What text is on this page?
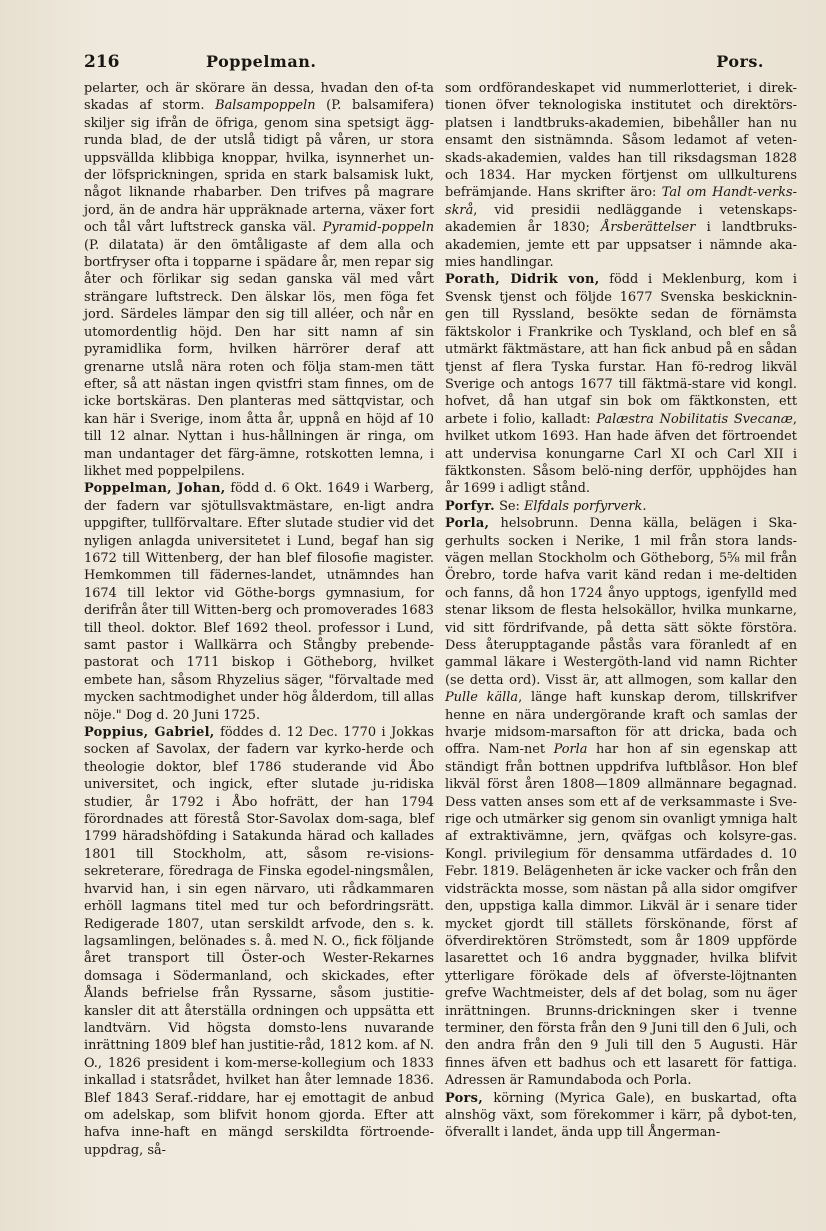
216	Poppelman.	Pors.

pelarter, och är skörare än dessa, hvadan den of-ta skadas af storm. Balsampoppeln (P. balsamifera) skiljer sig ifrån de öfriga, genom sina spetsigt ägg-runda blad, de der utslå tidigt på våren, ur stora uppsvällda klibbiga knoppar, hvilka, isynnerhet un-der löfsprickningen, sprida en stark balsamisk lukt, något liknande rhabarber. Den trifves på magrare jord, än de andra här uppräknade arterna, växer fort och tål vårt luftstreck ganska väl. Pyramid-poppeln (P. dilatata) är den ömtåligaste af dem alla och bortfryser ofta i topparne i spädare år, men repar sig åter och förlikar sig sedan ganska väl med vårt strängare luftstreck. Den älskar lös, men föga fet jord. Särdeles lämpar den sig till alléer, och når en utomordentlig höjd. Den har sitt namn af sin pyramidlika form, hvilken härrörer deraf att grenarne utslå nära roten och följa stam-men tätt efter, så att nästan ingen qvistfri stam finnes, om de icke bortskäras. Den planteras med sättqvistar, och kan här i Sverige, inom åtta år, uppnå en höjd af 10 till 12 alnar. Nyttan i hus-hållningen är ringa, om man undantager det färg-ämne, rotskotten lemna, i likhet med poppelpilens.

Poppelman, Johan, född d. 6 Okt. 1649 i Warberg, der fadern var sjötullsvaktmästare, en-ligt andra uppgifter, tullförvaltare. Efter slutade studier vid det nyligen anlagda universitetet i Lund, begaf han sig 1672 till Wittenberg, der han blef filosofie magister. Hemkommen till fädernes-landet, utnämndes han 1674 till lektor vid Göthe-borgs gymnasium, for derifrån åter till Witten-berg och promoverades 1683 till theol. doktor. Blef 1692 theol. professor i Lund, samt pastor i Wallkärra och Stångby prebende-pastorat och 1711 biskop i Götheborg, hvilket embete han, såsom Rhyzelius säger, "förvaltade med mycken sachtmodighet under hög ålderdom, till allas nöje." Dog d. 20 Juni 1725.

Poppius, Gabriel, föddes d. 12 Dec. 1770 i Jokkas socken af Savolax, der fadern var kyrko-herde och theologie doktor, blef 1786 studerande vid Åbo universitet, och ingick, efter slutade ju-ridiska studier, år 1792 i Åbo hofrätt, der han 1794 förordnades att förestå Stor-Savolax dom-saga, blef 1799 häradshöfding i Satakunda härad och kallades 1801 till Stockholm, att, såsom re-visions-sekreterare, föredraga de Finska egodel-ningsmålen, hvarvid han, i sin egen närvaro, uti rådkammaren erhöll lagmans titel med tur och befordringsrätt. Redigerade 1807, utan serskildt arfvode, den s. k. lagsamlingen, belönades s. å. med N. O., fick följande året transport till Öster-och Wester-Rekarnes domsaga i Södermanland, och skickades, efter Ålands befrielse från Ryssarne, såsom justitie-kansler dit att återställa ordningen och uppsätta ett landtvärn. Vid högsta domsto-lens nuvarande inrättning 1809 blef han justitie-råd, 1812 kom. af N. O., 1826 president i kom-merse-kollegium och 1833 inkallad i statsrådet, hvilket han åter lemnade 1836. Blef 1843 Seraf.-riddare, har ej emottagit de anbud om adelskap, som blifvit honom gjorda. Efter att hafva inne-haft en mängd serskildta förtroende-uppdrag, så-

som ordförandeskapet vid nummerlotteriet, i direk-tionen öfver teknologiska institutet och direktörs-platsen i landtbruks-akademien, bibehåller han nu ensamt den sistnämnda. Såsom ledamot af veten-skads-akademien, valdes han till riksdagsman 1828 och 1834. Har mycken förtjenst om ullkulturens befrämjande. Hans skrifter äro: Tal om Handt-verks-skrå, vid presidii nedläggande i vetenskaps-akademien år 1830; Årsberättelser i landtbruks-akademien, jemte ett par uppsatser i nämnde aka-mies handlingar.

Porath, Didrik von, född i Meklenburg, kom i Svensk tjenst och följde 1677 Svenska beskicknin-gen till Ryssland, besökte sedan de förnämsta fäktskolor i Frankrike och Tyskland, och blef en så utmärkt fäktmästare, att han fick anbud på en sådan tjenst af flera Tyska furstar. Han fö-redrog likväl Sverige och antogs 1677 till fäktmä-stare vid kongl. hofvet, då han utgaf sin bok om fäktkonsten, ett arbete i folio, kalladt: Palæstra Nobilitatis Svecanæ, hvilket utkom 1693. Han hade äfven det förtroendet att undervisa konungarne Carl XI och Carl XII i fäktkonsten. Såsom belö-ning derför, upphöjdes han år 1699 i adligt stånd.

Porfyr. Se: Elfdals porfyrverk.

Porla, helsobrunn. Denna källa, belägen i Ska-gerhults socken i Nerike, 1 mil från stora lands-vägen mellan Stockholm och Götheborg, 5⅝ mil från Örebro, torde hafva varit känd redan i me-deltiden och fanns, då hon 1724 ånyo upptogs, igenfylld med stenar liksom de flesta helsokällor, hvilka munkarne, vid sitt fördrifvande, på detta sätt sökte förstöra. Dess återupptagande påstås vara föranledt af en gammal läkare i Westergöth-land vid namn Richter (se detta ord). Visst är, att allmogen, som kallar den Pulle källa, länge haft kunskap derom, tillskrifver henne en nära undergörande kraft och samlas der hvarje midsom-marsafton för att dricka, bada och offra. Nam-net Porla har hon af sin egenskap att ständigt från bottnen uppdrifva luftblåsor. Hon blef likväl först åren 1808—1809 allmännare begagnad. Dess vatten anses som ett af de verksammaste i Sve-rige och utmärker sig genom sin ovanligt ymniga halt af extraktivämne, jern, qväfgas och kolsyre-gas. Kongl. privilegium för densamma utfärdades d. 10 Febr. 1819. Belägenheten är icke vacker och från den vidsträckta mosse, som nästan på alla sidor omgifver den, uppstiga kalla dimmor. Likväl är i senare tider mycket gjordt till ställets förskönande, först af öfverdirektören Strömstedt, som år 1809 uppförde lasarettet och 16 andra byggnader, hvilka blifvit ytterligare förökade dels af öfverste-löjtnanten grefve Wachtmeister, dels af det bolag, som nu äger inrättningen. Brunns-drickningen sker i tvenne terminer, den första från den 9 Juni till den 6 Juli, och den andra från den 9 Juli till den 5 Augusti. Här finnes äfven ett badhus och ett lasarett för fattiga. Adressen är Ramundaboda och Porla.

Pors, körning (Myrica Gale), en buskartad, ofta alnshög växt, som förekommer i kärr, på dybot-ten, öfverallt i landet, ända upp till Ångerman-
